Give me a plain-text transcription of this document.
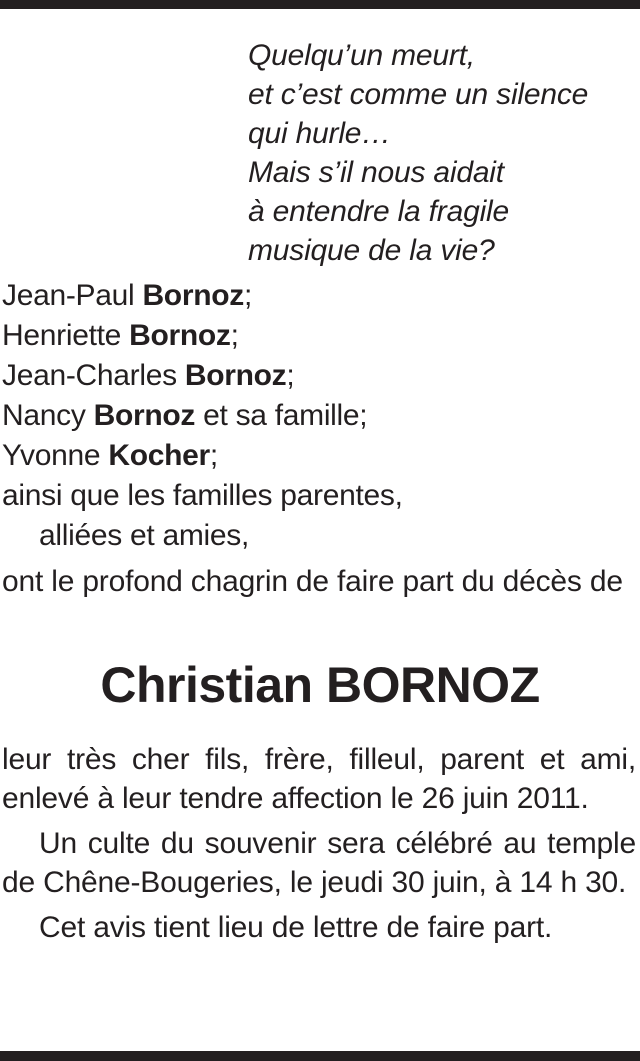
Quelqu’un meurt,
et c’est comme un silence
qui hurle…
Mais s’il nous aidait
à entendre la fragile
musique de la vie?
Jean-Paul Bornoz;
Henriette Bornoz;
Jean-Charles Bornoz;
Nancy Bornoz et sa famille;
Yvonne Kocher;
ainsi que les familles parentes,
alliées et amies,
ont le profond chagrin de faire part du décès de
Christian BORNOZ

leur très cher fils, frère, filleul, parent et ami, enlevé à leur tendre affection le 26 juin 2011.

Un culte du souvenir sera célébré au temple de Chêne-Bougeries, le jeudi 30 juin, à 14 h 30.

Cet avis tient lieu de lettre de faire part.
